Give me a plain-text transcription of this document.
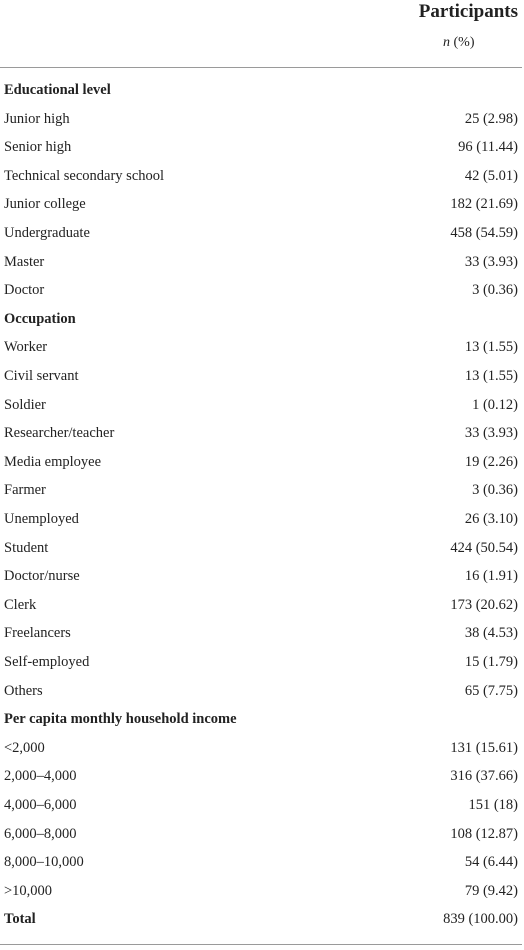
Participants
n (%)
Educational level
Junior high	25 (2.98)
Senior high	96 (11.44)
Technical secondary school	42 (5.01)
Junior college	182 (21.69)
Undergraduate	458 (54.59)
Master	33 (3.93)
Doctor	3 (0.36)
Occupation
Worker	13 (1.55)
Civil servant	13 (1.55)
Soldier	1 (0.12)
Researcher/teacher	33 (3.93)
Media employee	19 (2.26)
Farmer	3 (0.36)
Unemployed	26 (3.10)
Student	424 (50.54)
Doctor/nurse	16 (1.91)
Clerk	173 (20.62)
Freelancers	38 (4.53)
Self-employed	15 (1.79)
Others	65 (7.75)
Per capita monthly household income
<2,000	131 (15.61)
2,000–4,000	316 (37.66)
4,000–6,000	151 (18)
6,000–8,000	108 (12.87)
8,000–10,000	54 (6.44)
>10,000	79 (9.42)
Total	839 (100.00)
